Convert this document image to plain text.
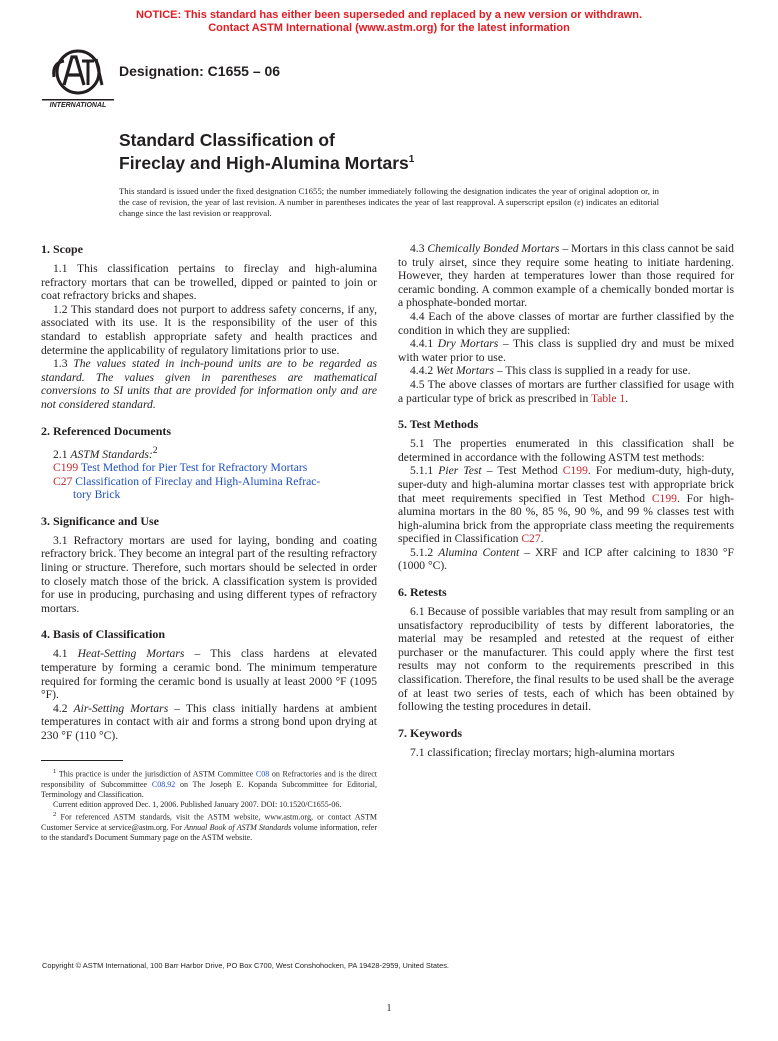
NOTICE: This standard has either been superseded and replaced by a new version or withdrawn.
Contact ASTM International (www.astm.org) for the latest information
INTERNATIONAL
Designation: C1655 – 06
Standard Classification of
Fireclay and High-Alumina Mortars$^1$
This standard is issued under the fixed designation C1655; the number immediately following the designation indicates the year of original adoption or, in the case of revision, the year of last revision. A number in parentheses indicates the year of last reapproval. A superscript epsilon (ε) indicates an editorial change since the last revision or reapproval.
1. Scope

1.1 This classification pertains to fireclay and high-alumina refractory mortars that can be trowelled, dipped or painted to join or coat refractory bricks and shapes.

1.2 This standard does not purport to address safety concerns, if any, associated with its use. It is the responsibility of the user of this standard to establish appropriate safety and health practices and determine the applicability of regulatory limitations prior to use.

1.3 The values stated in inch-pound units are to be regarded as standard. The values given in parentheses are mathematical conversions to SI units that are provided for information only and are not considered standard.

2. Referenced Documents

2.1 ASTM Standards:$^2$

C199 Test Method for Pier Test for Refractory Mortars

C27 Classification of Fireclay and High-Alumina Refrac-
tory Brick

3. Significance and Use

3.1 Refractory mortars are used for laying, bonding and coating refractory brick. They become an integral part of the resulting refractory lining or structure. Therefore, such mortars should be selected in order to closely match those of the brick. A classification system is provided for use in producing, purchasing and using different types of refractory mortars.

4. Basis of Classification

4.1 Heat-Setting Mortars – This class hardens at elevated temperature by forming a ceramic bond. The minimum temperature required for forming the ceramic bond is usually at least 2000 °F (1095 °F).

4.2 Air-Setting Mortars – This class initially hardens at ambient temperatures in contact with air and forms a strong bond upon drying at 230 °F (110 °C).

$^1$ This practice is under the jurisdiction of ASTM Committee C08 on Refractories and is the direct responsibility of Subcommittee C08.92 on The Joseph E. Kopanda Subcommittee for Editorial, Terminology and Classification.

Current edition approved Dec. 1, 2006. Published January 2007. DOI: 10.1520/C1655-06.

$^2$ For referenced ASTM standards, visit the ASTM website, www.astm.org, or contact ASTM Customer Service at service@astm.org. For Annual Book of ASTM Standards volume information, refer to the standard's Document Summary page on the ASTM website.

4.3 Chemically Bonded Mortars – Mortars in this class cannot be said to truly airset, since they require some heating to initiate hardening. However, they harden at temperatures lower than those required for ceramic bonding. A common example of a chemically bonded mortar is a phosphate-bonded mortar.

4.4 Each of the above classes of mortar are further classified by the condition in which they are supplied:

4.4.1 Dry Mortars – This class is supplied dry and must be mixed with water prior to use.

4.4.2 Wet Mortars – This class is supplied in a ready for use.

4.5 The above classes of mortars are further classified for usage with a particular type of brick as prescribed in Table 1.

5. Test Methods

5.1 The properties enumerated in this classification shall be determined in accordance with the following ASTM test methods:

5.1.1 Pier Test – Test Method C199. For medium-duty, high-duty, super-duty and high-alumina mortar classes test with appropriate brick that meet requirements specified in Test Method C199. For high-alumina mortars in the 80 %, 85 %, 90 %, and 99 % classes test with high-alumina brick from the appropriate class meeting the requirements specified in Classification C27.

5.1.2 Alumina Content – XRF and ICP after calcining to 1830 °F (1000 °C).

6. Retests

6.1 Because of possible variables that may result from sampling or an unsatisfactory reproducibility of tests by different laboratories, the material may be resampled and retested at the request of either purchaser or the manufacturer. This could apply where the first test results may not conform to the requirements prescribed in this classification. Therefore, the final results to be used shall be the average of at least two series of tests, each of which has been obtained by following the testing procedures in detail.

7. Keywords

7.1 classification; fireclay mortars; high-alumina mortars

Copyright © ASTM International, 100 Barr Harbor Drive, PO Box C700, West Conshohocken, PA 19428-2959, United States.
1
